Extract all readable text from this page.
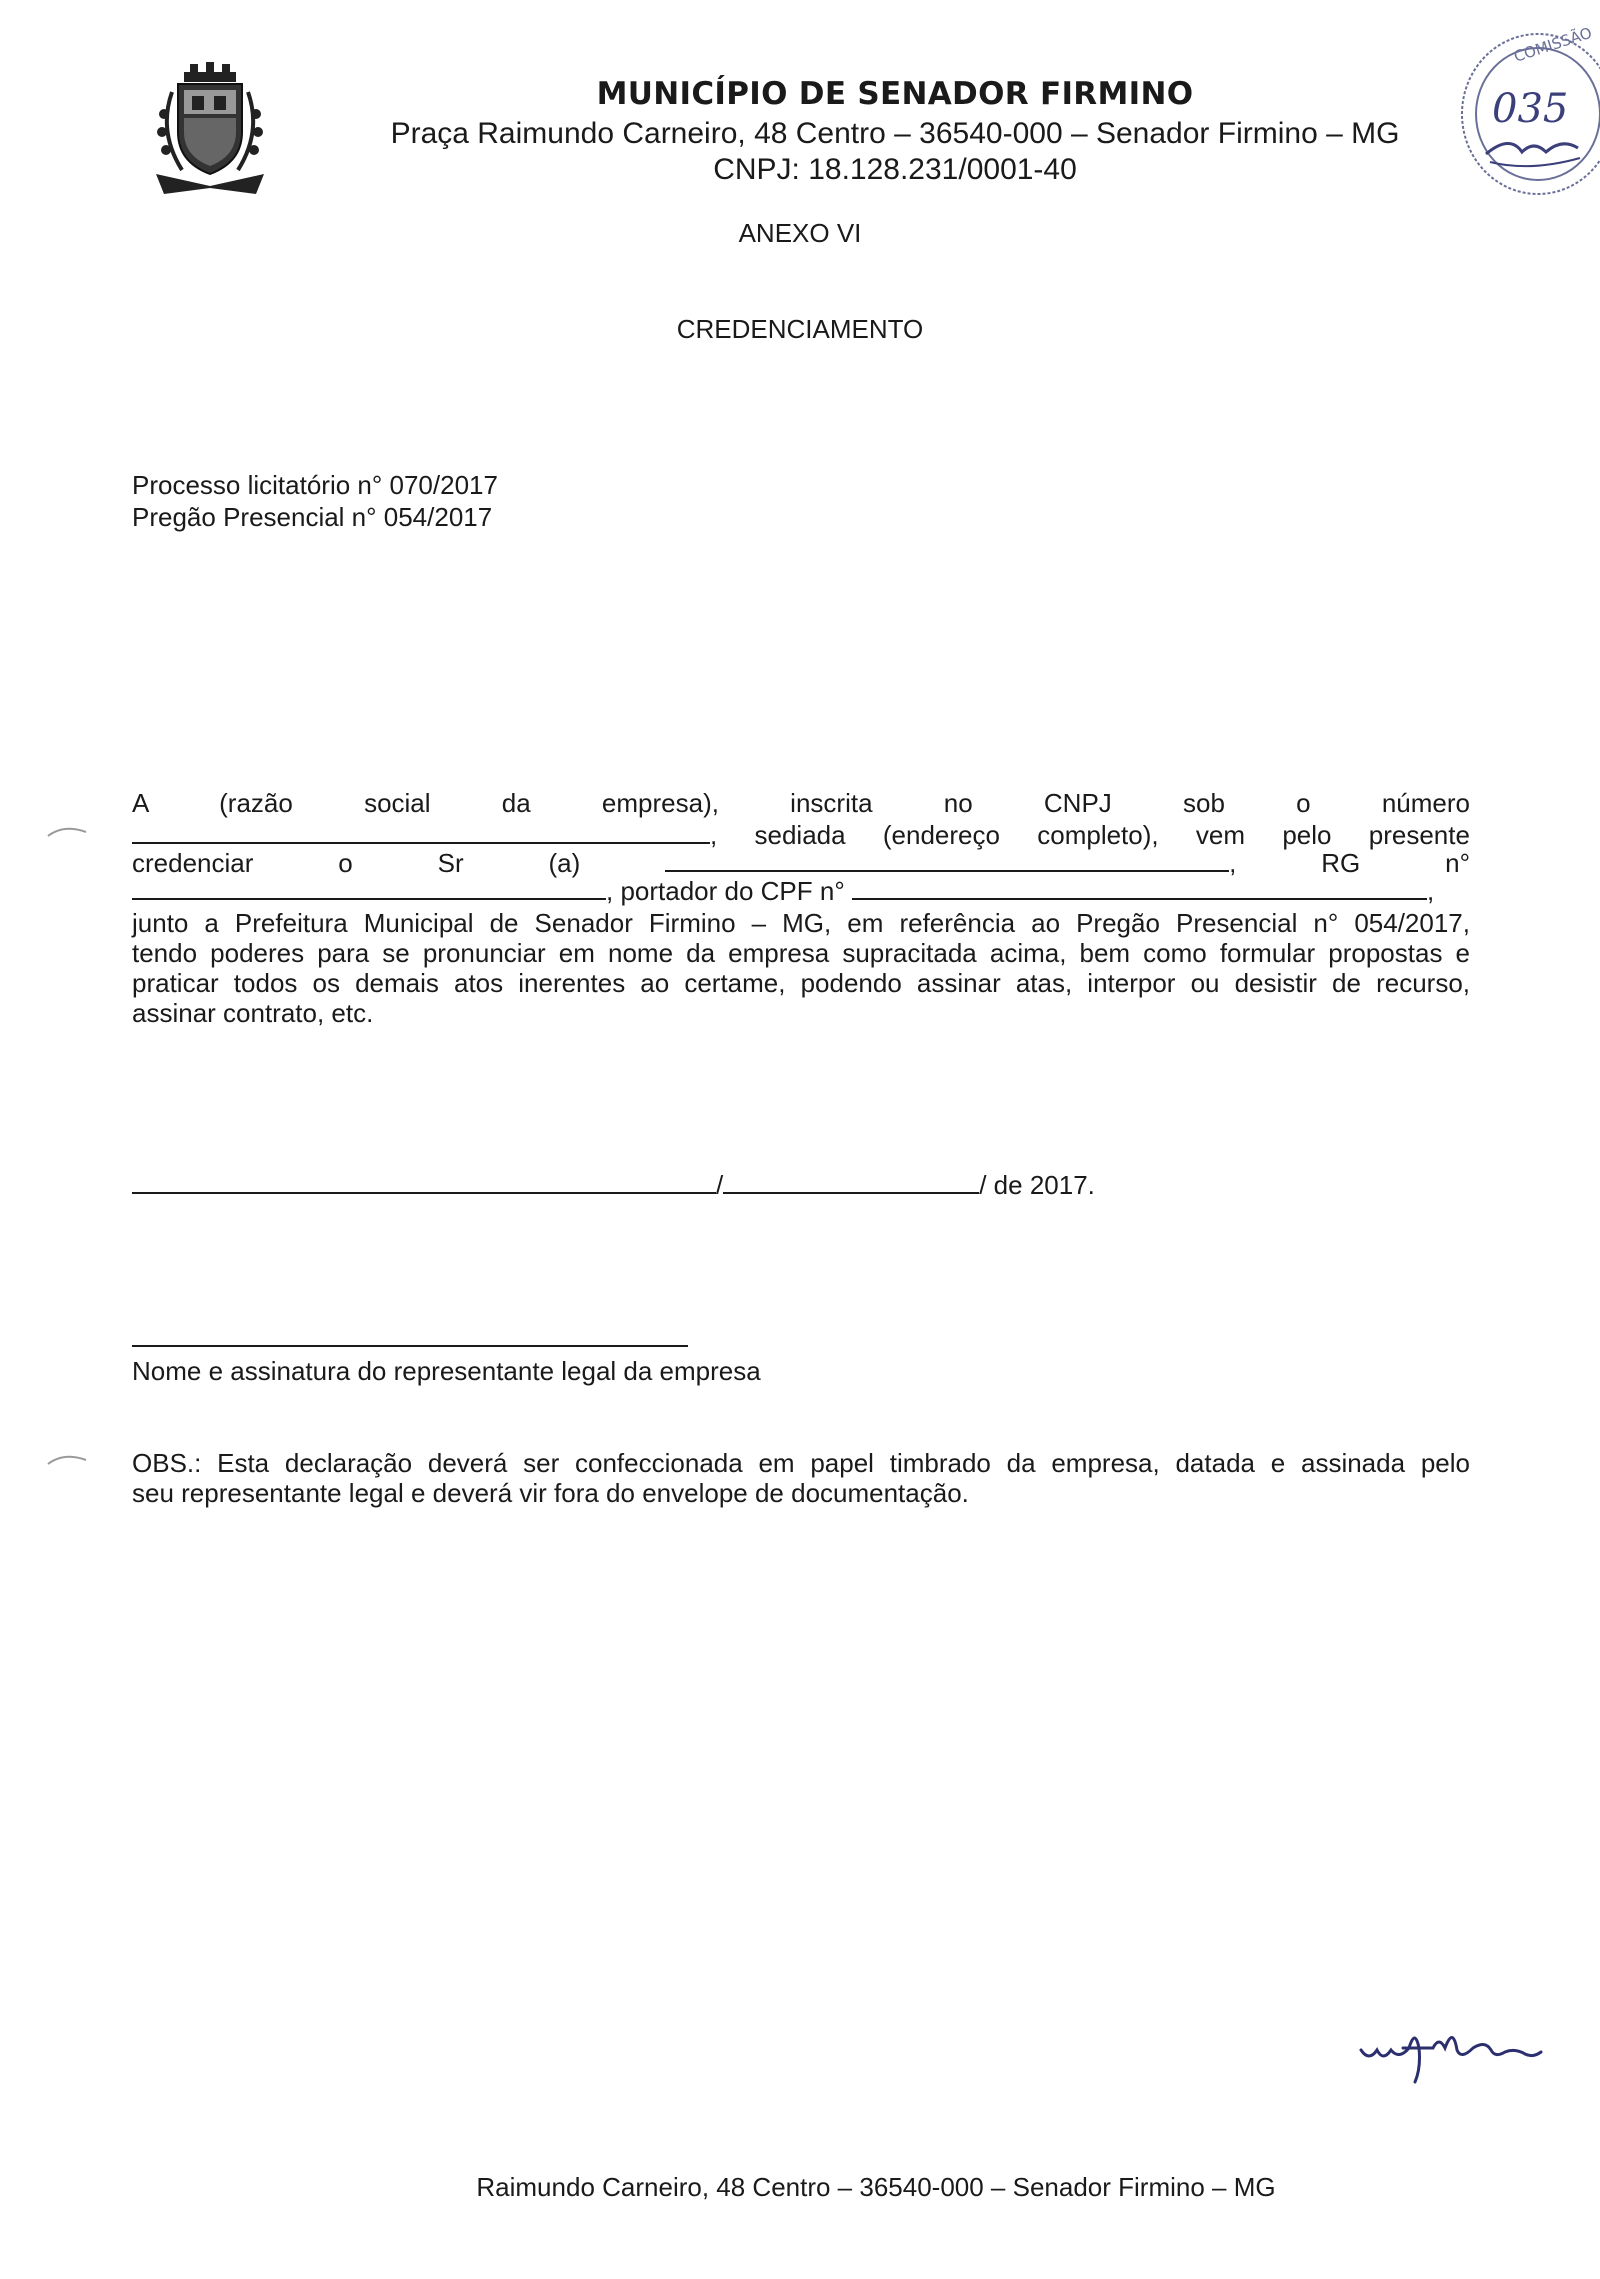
COMISSÃO
035
MUNICÍPIO DE SENADOR FIRMINO
Praça Raimundo Carneiro, 48 Centro – 36540-000 – Senador Firmino – MG
CNPJ: 18.128.231/0001-40
ANEXO VI
CREDENCIAMENTO
Processo licitatório n° 070/2017
Pregão Presencial n° 054/2017
A	(razão	social	da	empresa),	inscrita	no	CNPJ	sob	o	número
, sediada (endereço completo), vem pelo presente
credenciar	o	Sr	(a)	,	RG	n°
, portador do CPF n°	,
junto a Prefeitura Municipal de Senador Firmino – MG, em referência ao Pregão Presencial n° 054/2017,
tendo poderes para se pronunciar em nome da empresa supracitada acima, bem como formular propostas e
praticar todos os demais atos inerentes ao certame, podendo assinar atas, interpor ou desistir de recurso,
assinar contrato, etc.
/	/ de 2017.
Nome e assinatura do representante legal da empresa
OBS.: Esta declaração deverá ser confeccionada em papel timbrado da empresa, datada e assinada pelo
seu representante legal e deverá vir fora do envelope de documentação.
Raimundo Carneiro, 48 Centro – 36540-000 – Senador Firmino – MG
